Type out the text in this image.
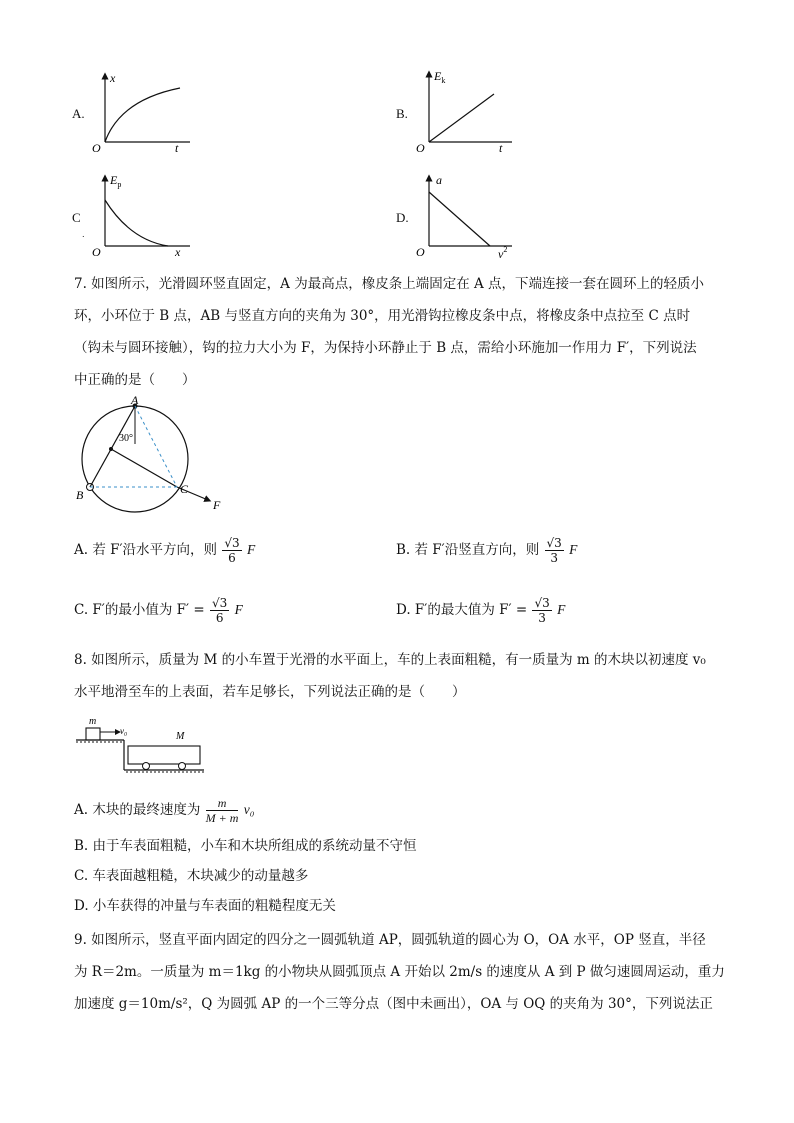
A.
x
O	t
B.
$E_k$
O	t
C
.
$E_p$
O	x
D.
a
O	$v^2$
7. 如图所示，光滑圆环竖直固定，A 为最高点，橡皮条上端固定在 A 点，下端连接一套在圆环上的轻质小
环，小环位于 B 点，AB 与竖直方向的夹角为 30°，用光滑钩拉橡皮条中点，将橡皮条中点拉至 C 点时
（钩未与圆环接触），钩的拉力大小为 F，为保持小环静止于 B 点，需给小环施加一作用力 F′，下列说法
中正确的是（　　）
A
30°
B	C
F
A. 若 F′沿水平方向，则 $\frac{√3}{6}$ F	B. 若 F′沿竖直方向，则 $\frac{√3}{3}$ F
C. F′的最小值为 $F' = \frac{√3}{6}$ F	D. F′的最大值为 $F' = \frac{√3}{3}$ F
8. 如图所示，质量为 M 的小车置于光滑的水平面上，车的上表面粗糙，有一质量为 m 的木块以初速度 v₀
水平地滑至车的上表面，若车足够长，下列说法正确的是（　　）
m
v₀	M
A. 木块的最终速度为 $\frac{m}{M + m} v_0$
B. 由于车表面粗糙，小车和木块所组成的系统动量不守恒
C. 车表面越粗糙，木块减少的动量越多
D. 小车获得的冲量与车表面的粗糙程度无关
9. 如图所示，竖直平面内固定的四分之一圆弧轨道 AP，圆弧轨道的圆心为 O，OA 水平，OP 竖直，半径
为 R＝2m。一质量为 m＝1kg 的小物块从圆弧顶点 A 开始以 2m/s 的速度从 A 到 P 做匀速圆周运动，重力
加速度 g＝10m/s²，Q 为圆弧 AP 的一个三等分点（图中未画出），OA 与 OQ 的夹角为 30°，下列说法正
